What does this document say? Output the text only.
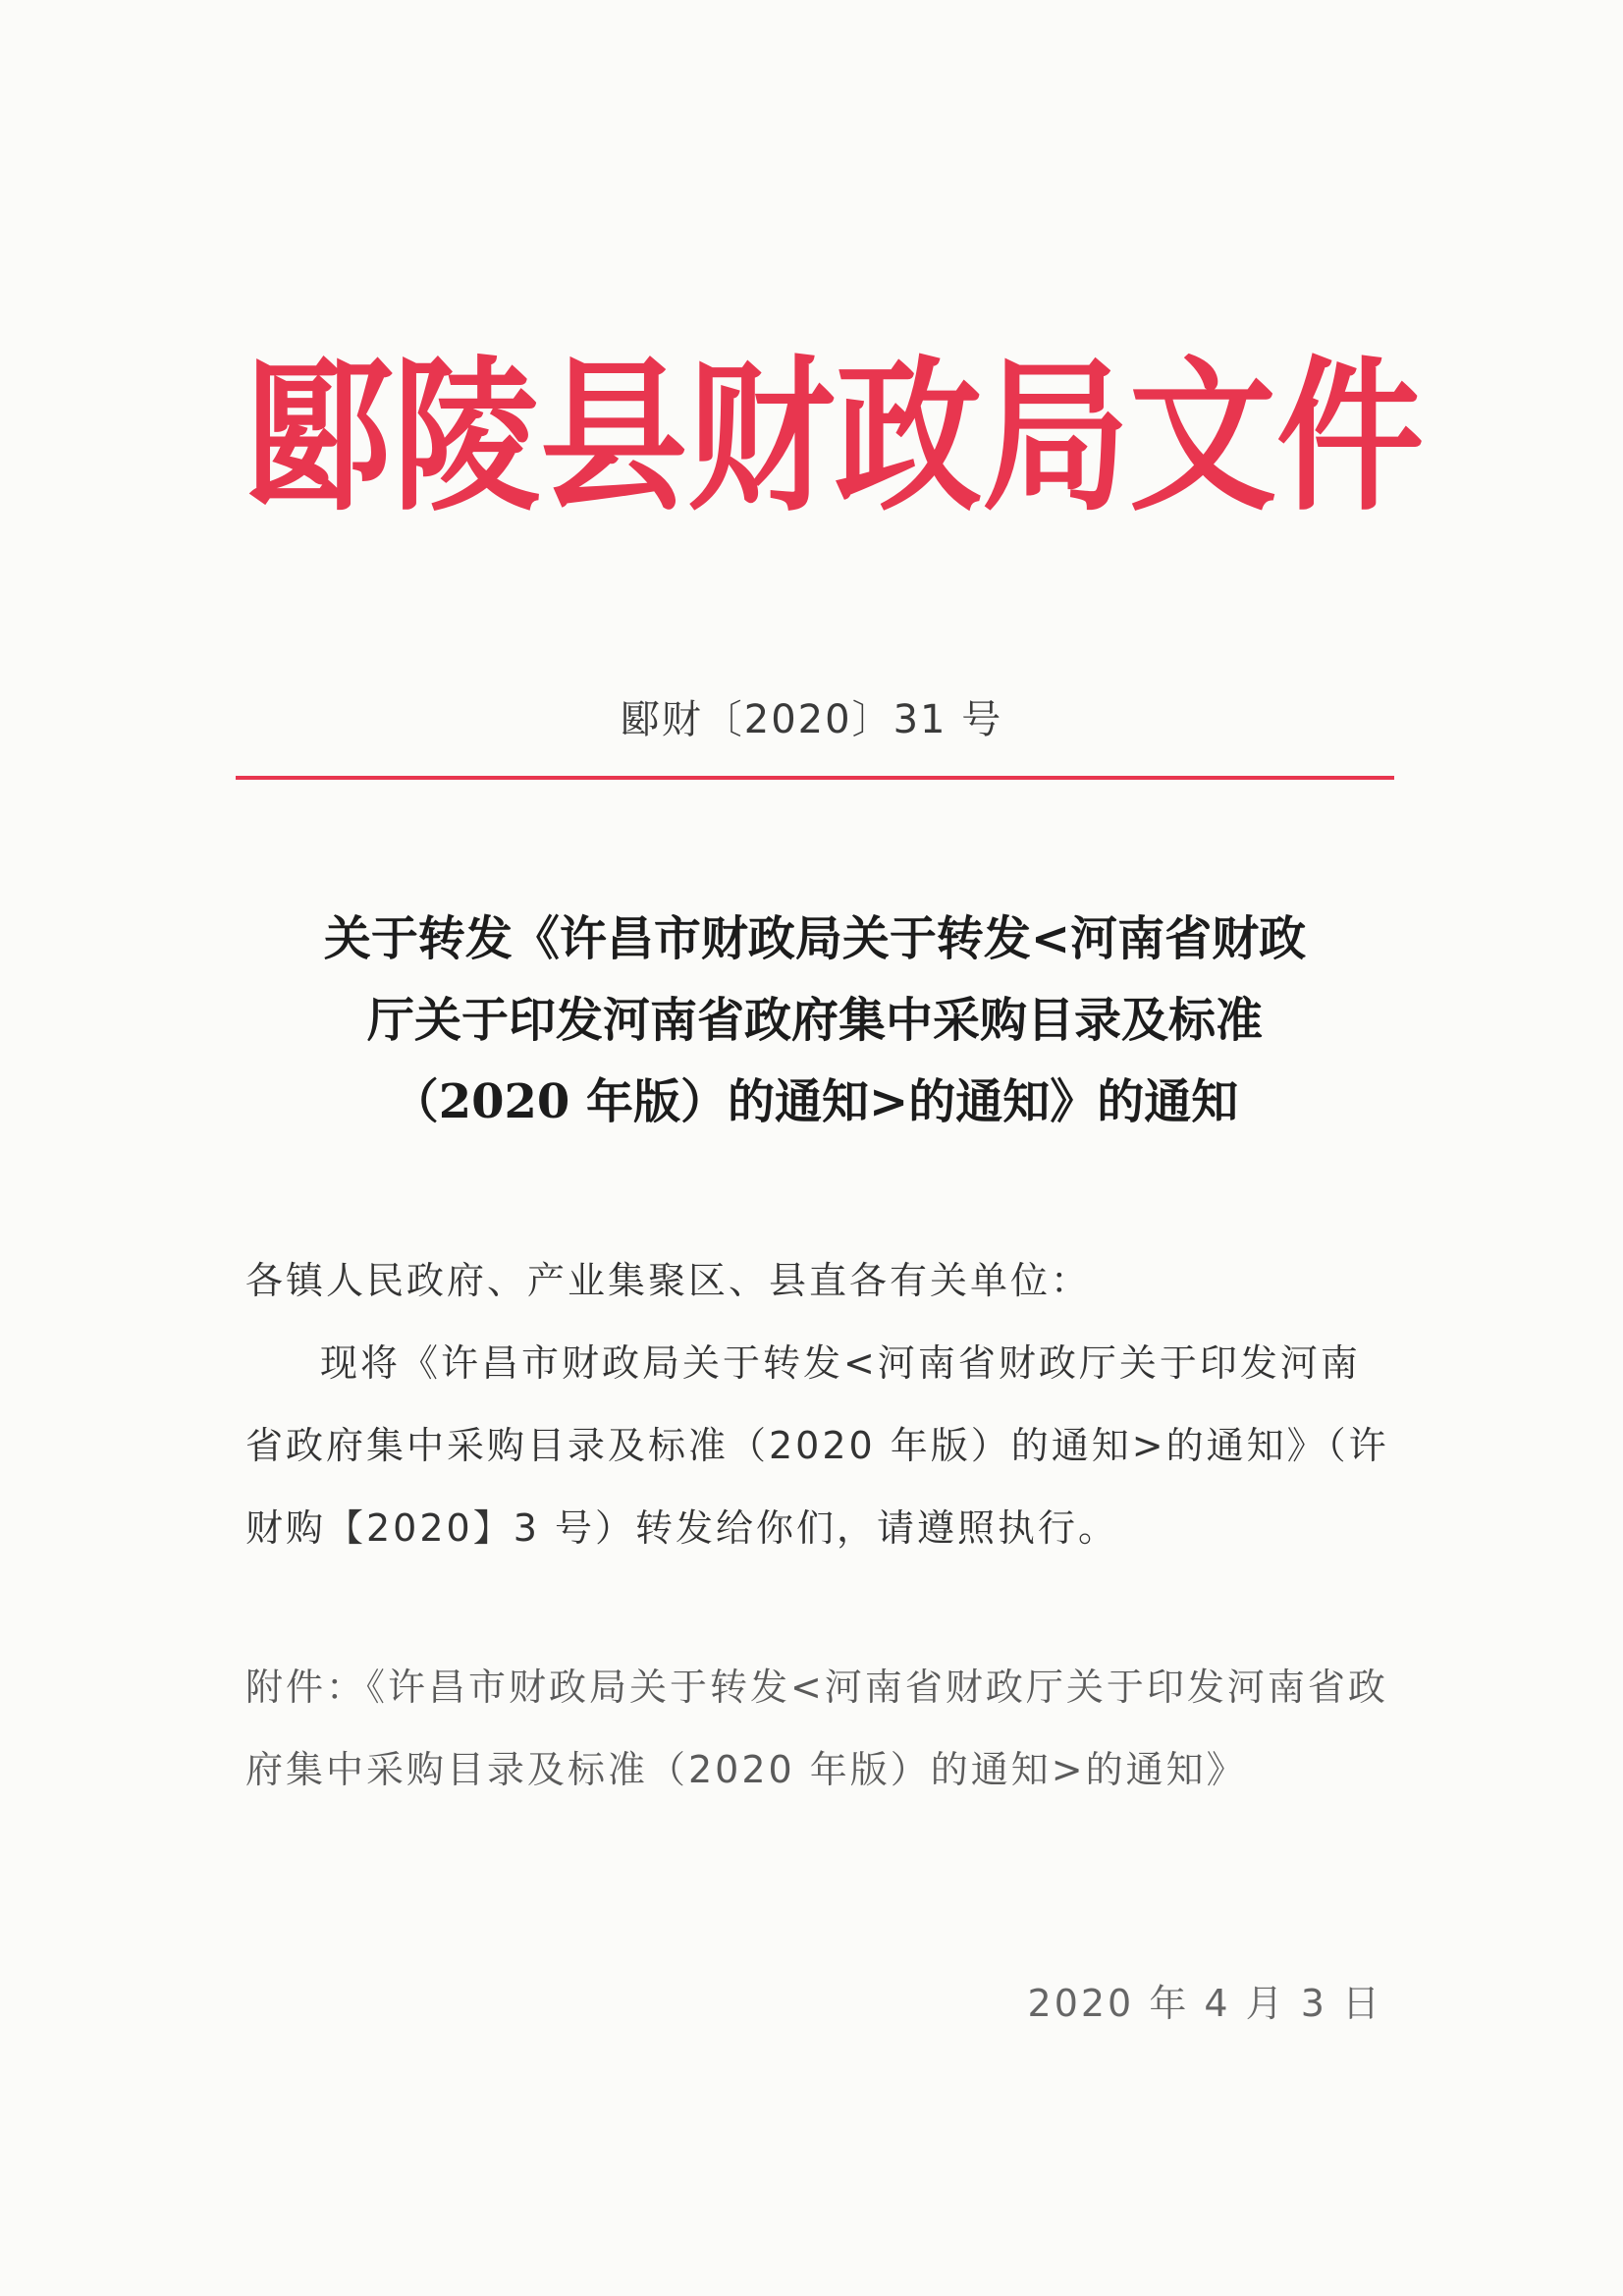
郾陵县财政局文件
郾财〔2020〕31 号
关于转发《许昌市财政局关于转发<河南省财政
厅关于印发河南省政府集中采购目录及标准
（2020 年版）的通知>的通知》的通知
各镇人民政府、产业集聚区、县直各有关单位：
现将《许昌市财政局关于转发<河南省财政厅关于印发河南省政府集中采购目录及标准（2020 年版）的通知>的通知》（许财购【2020】3 号）转发给你们，请遵照执行。
附件：《许昌市财政局关于转发<河南省财政厅关于印发河南省政府集中采购目录及标准（2020 年版）的通知>的通知》
2020 年 4 月 3 日
